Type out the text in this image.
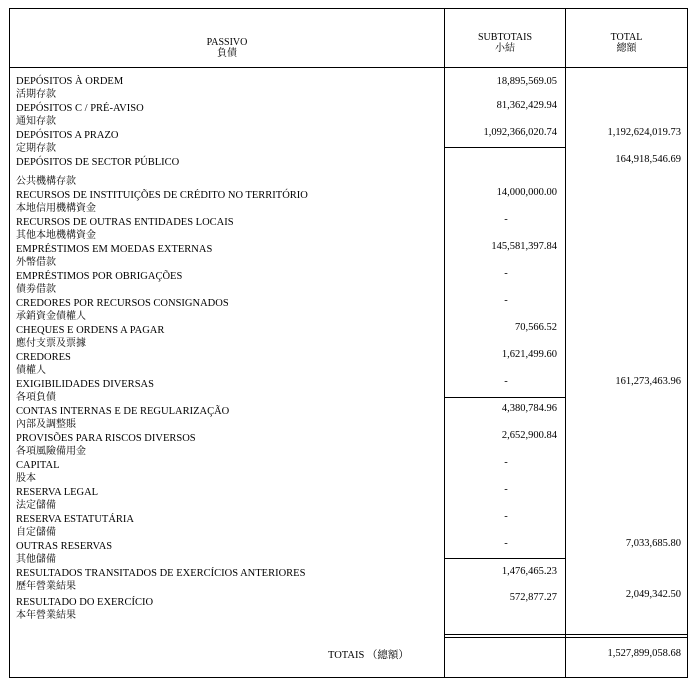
PASSIVO
負債
SUBTOTAIS
小結
TOTAL
總額
DEPÓSITOS À ORDEM
活期存款
18,895,569.05
DEPÓSITOS C / PRÉ-AVISO
通知存款
81,362,429.94
DEPÓSITOS A PRAZO
定期存款
1,092,366,020.74	1,192,624,019.73
DEPÓSITOS DE SECTOR PÚBLICO
公共機構存款
164,918,546.69
RECURSOS DE INSTITUIÇÕES DE CRÉDITO NO TERRITÓRIO
本地信用機構資金
14,000,000.00
RECURSOS DE OUTRAS ENTIDADES LOCAIS
其他本地機構資金
-
EMPRÉSTIMOS EM MOEDAS EXTERNAS
外幣借款
145,581,397.84
EMPRÉSTIMOS POR OBRIGAÇÕES
債劵借款
-
CREDORES POR RECURSOS CONSIGNADOS
承銷資金債權人
-
CHEQUES E ORDENS A PAGAR
應付支票及票據
70,566.52
CREDORES
債權人
1,621,499.60
EXIGIBILIDADES DIVERSAS
各項負債
-	161,273,463.96
CONTAS INTERNAS E DE REGULARIZAÇÃO
內部及調整賬
4,380,784.96
PROVISÕES PARA RISCOS DIVERSOS
各項風險備用金
2,652,900.84
CAPITAL
股本
-
RESERVA LEGAL
法定儲備
-
RESERVA ESTATUTÁRIA
自定儲備
-
OUTRAS RESERVAS
其他儲備
-	7,033,685.80
RESULTADOS TRANSITADOS DE EXERCÍCIOS ANTERIORES
歷年營業結果
1,476,465.23
RESULTADO DO EXERCÍCIO
本年營業結果
572,877.27	2,049,342.50
TOTAIS （總額）	1,527,899,058.68
